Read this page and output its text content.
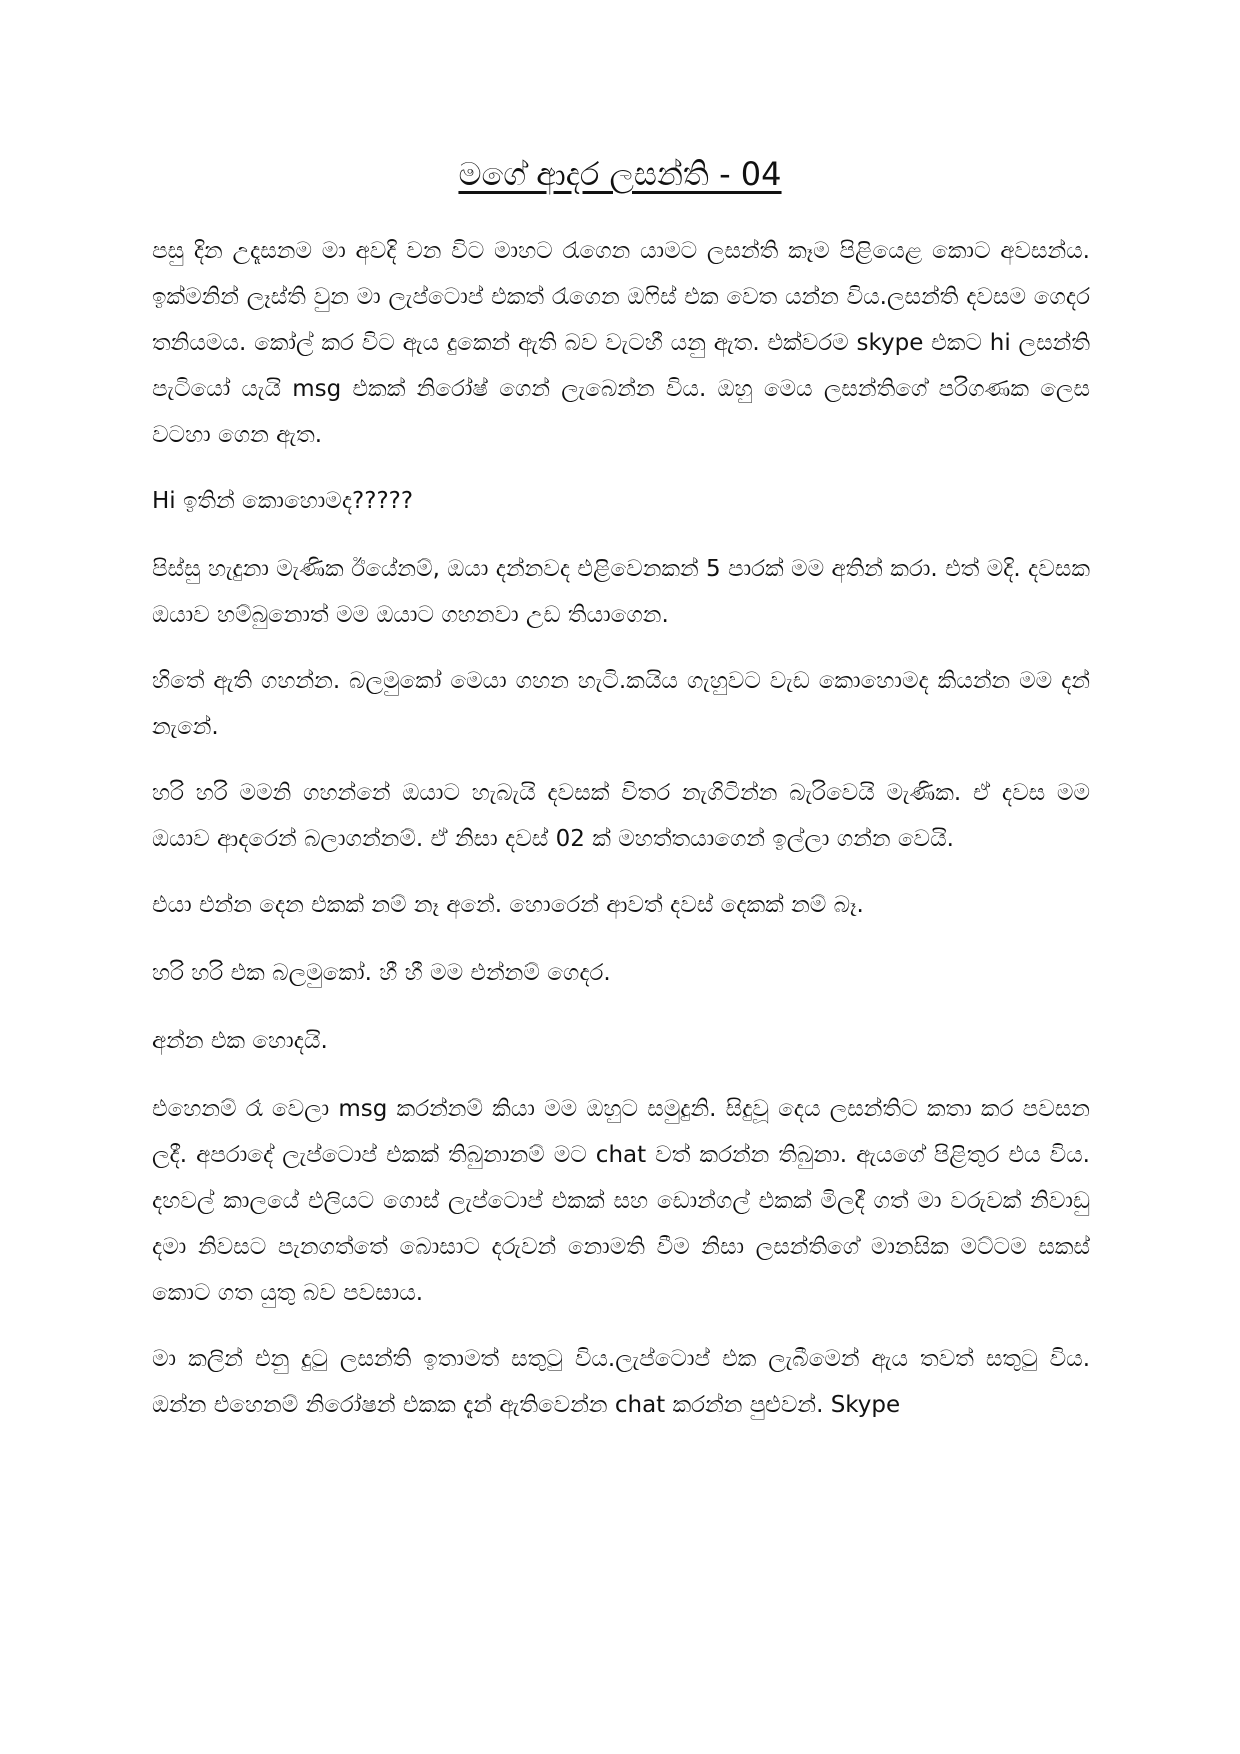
මගේ ආදර ලසන්ති - 04

පසු දින උදෑසනම මා අවදි වන විට මාහට රැගෙන යාමට ලසන්ති කෑම පිළියෙළ කොට අවසන්ය. ඉක්මනින් ලෑස්ති වුන මා ලැප්ටොප් එකත් රැගෙන ඔෆිස් එක වෙත යන්න විය.ලසන්ති දවසම ගෙදර තනියමය. කෝල් කර විට ඇය දුකෙන් ඇති බව වැටහී යනු ඇත. එක්වරම skype එකට hi ලසන්ති පැටියෝ යැයි msg එකක් නිරෝෂ් ගෙන් ලැබෙන්න විය. ඔහු මෙය ලසන්තිගේ පරිගණක ලෙස වටහා ගෙන ඇත.

Hi ඉතින් කොහොමද?????

පිස්සු හැදුනා මැණික ඊයේනම්, ඔයා දන්නවද එළිවෙනකන් 5 පාරක් මම අතින් කරා. එත් මදි. දවසක ඔයාව හම්බුනොත් මම ඔයාට ගහනවා උඩ තියාගෙන.

හිතේ ඇති ගහන්න. බලමුකෝ මෙයා ගහන හැටි.කයිය ගැහුවට වැඩ කොහොමද කියන්න මම දන් නැනේ.

හරි හරි මමනි ගහන්නේ ඔයාට හැබැයි දවසක් විතර නැගිටින්න බැරිවෙයි මැණික. ඒ දවස මම ඔයාව ආදරෙන් බලාගන්නම්. ඒ නිසා දවස් 02 ක් මහත්තයාගෙන් ඉල්ලා ගන්න වෙයි.

එයා එන්න දෙන එකක් නම් නෑ අනේ. හොරෙන් ආවත් දවස් දෙකක් නම් බෑ.

හරි හරි එක බලමුකෝ. හී හී මම එන්නම් ගෙදර.

අන්න එක හොදයි.

එහෙනම් රෑ වෙලා msg කරන්නම් කියා මම ඔහුට සමුදුනි. සිදුවූ දෙය ලසන්තිට කතා කර පවසන ලදී. අපරාදේ ලැප්ටොප් එකක් තිබුනානම් මට chat වත් කරන්න තිබුනා. ඇයගේ පිළිතුර එය විය. දහවල් කාලයේ එලියට ගොස් ලැප්ටොප් එකක් සහ ඩොන්ගල් එකක් මිලදී ගත් මා වරුවක් නිවාඩු දමා නිවසට පැනගත්තේ බොසාට දරුවන් නොමති වීම නිසා ලසන්තිගේ මානසික මට්ටම සකස් කොට ගත යුතු බව පවසාය.

මා කලින් එනු දුටු ලසන්ති ඉතාමත් සතුටු විය.ලැප්ටොප් එක ලැබීමෙන් ඇය තවත් සතුටු විය. ඔන්න එහෙනම් නිරෝෂන් එකක දැන් ඇතිවෙන්න chat කරන්න පුළුවන්. Skype
